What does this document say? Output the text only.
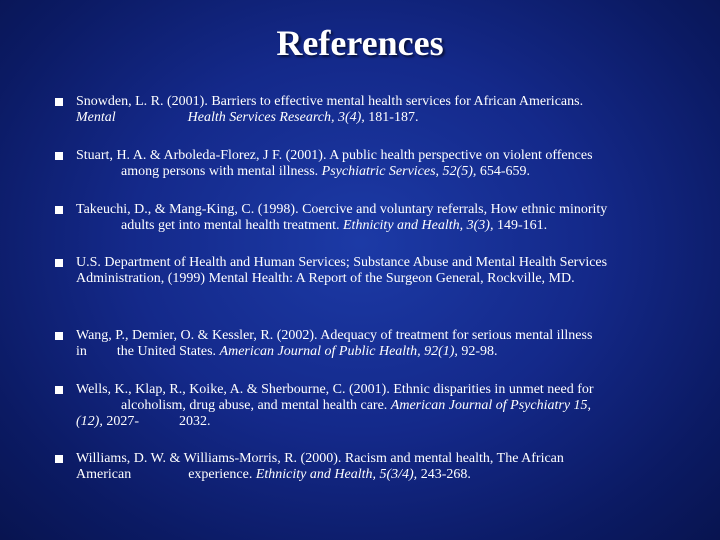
References
Snowden, L. R. (2001). Barriers to effective mental health services for African Americans.
Mental	Health Services Research, 3(4), 181-187.
Stuart, H. A. & Arboleda-Florez, J F. (2001). A public health perspective on violent offences
among persons with mental illness. Psychiatric Services, 52(5), 654-659.
Takeuchi, D., & Mang-King, C. (1998). Coercive and voluntary referrals, How ethnic minority
adults get into mental health treatment. Ethnicity and Health, 3(3), 149-161.
U.S. Department of Health and Human Services; Substance Abuse and Mental Health Services
Administration, (1999) Mental Health: A Report of the Surgeon General, Rockville, MD.
Wang, P., Demier, O. & Kessler, R. (2002). Adequacy of treatment for serious mental illness
in the United States. American Journal of Public Health, 92(1), 92-98.
Wells, K., Klap, R., Koike, A. & Sherbourne, C. (2001). Ethnic disparities in unmet need for
alcoholism, drug abuse, and mental health care. American Journal of Psychiatry 15,
(12), 2027-	2032.
Williams, D. W. & Williams-Morris, R. (2000). Racism and mental health, The African
American	experience. Ethnicity and Health, 5(3/4), 243-268.
